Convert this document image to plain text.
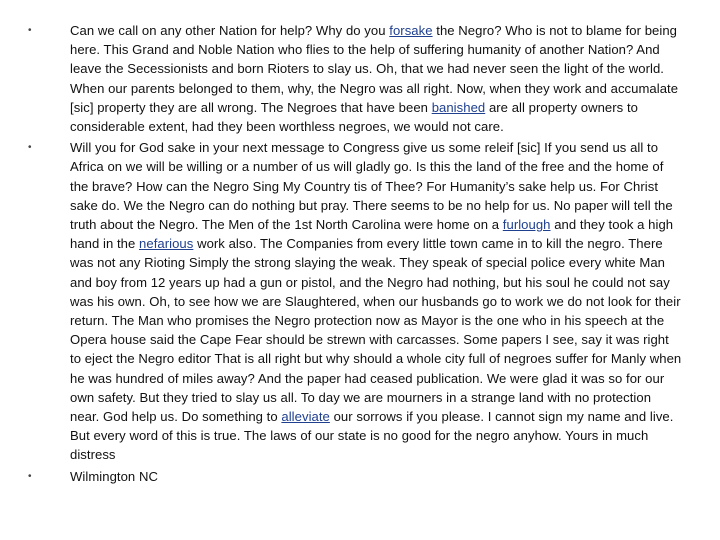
•	Can we call on any other Nation for help? Why do you forsake the Negro? Who is not to blame for being here. This Grand and Noble Nation who flies to the help of suffering humanity of another Nation? And leave the Secessionists and born Rioters to slay us. Oh, that we had never seen the light of the world. When our parents belonged to them, why, the Negro was all right. Now, when they work and accumalate [sic] property they are all wrong. The Negroes that have been banished are all property owners to considerable extent, had they been worthless negroes, we would not care.
•	Will you for God sake in your next message to Congress give us some releif [sic] If you send us all to Africa on we will be willing or a number of us will gladly go. Is this the land of the free and the home of the brave? How can the Negro Sing My Country tis of Thee? For Humanity’s sake help us. For Christ sake do. We the Negro can do nothing but pray. There seems to be no help for us. No paper will tell the truth about the Negro. The Men of the 1st North Carolina were home on a furlough and they took a high hand in the nefarious work also. The Companies from every little town came in to kill the negro. There was not any Rioting Simply the strong slaying the weak. They speak of special police every white Man and boy from 12 years up had a gun or pistol, and the Negro had nothing, but his soul he could not say was his own. Oh, to see how we are Slaughtered, when our husbands go to work we do not look for their return. The Man who promises the Negro protection now as Mayor is the one who in his speech at the Opera house said the Cape Fear should be strewn with carcasses. Some papers I see, say it was right to eject the Negro editor That is all right but why should a whole city full of negroes suffer for Manly when he was hundred of miles away? And the paper had ceased publication. We were glad it was so for our own safety. But they tried to slay us all. To day we are mourners in a strange land with no protection near. God help us. Do something to alleviate our sorrows if you please. I cannot sign my name and live. But every word of this is true. The laws of our state is no good for the negro anyhow. Yours in much distress
•	Wilmington NC
